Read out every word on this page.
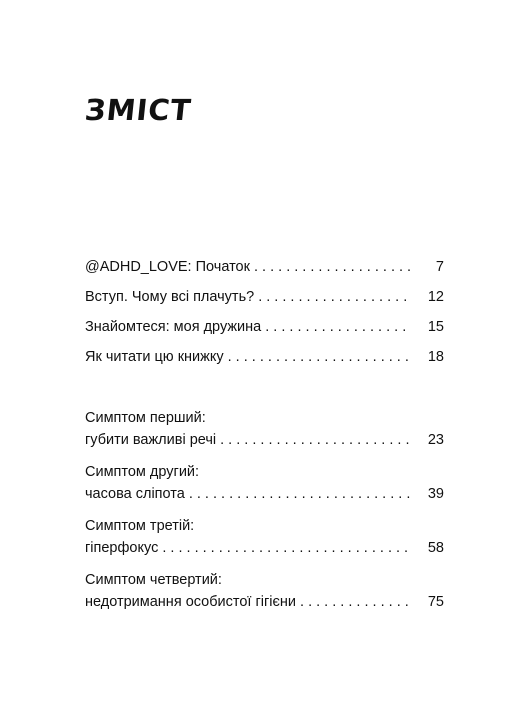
ЗМІСТ
@ADHD_LOVE: Початок . . .	7
Вступ. Чому всі плачуть? . . .	12
Знайомтеся: моя дружина . . .	15
Як читати цю книжку . . .	18
Симптом перший:
губити важливі речі . . .	23
Симптом другий:
часова сліпота . . .	39
Симптом третій:
гіперфокус . . .	58
Симптом четвертий:
недотримання особистої гігієни . . .	75
